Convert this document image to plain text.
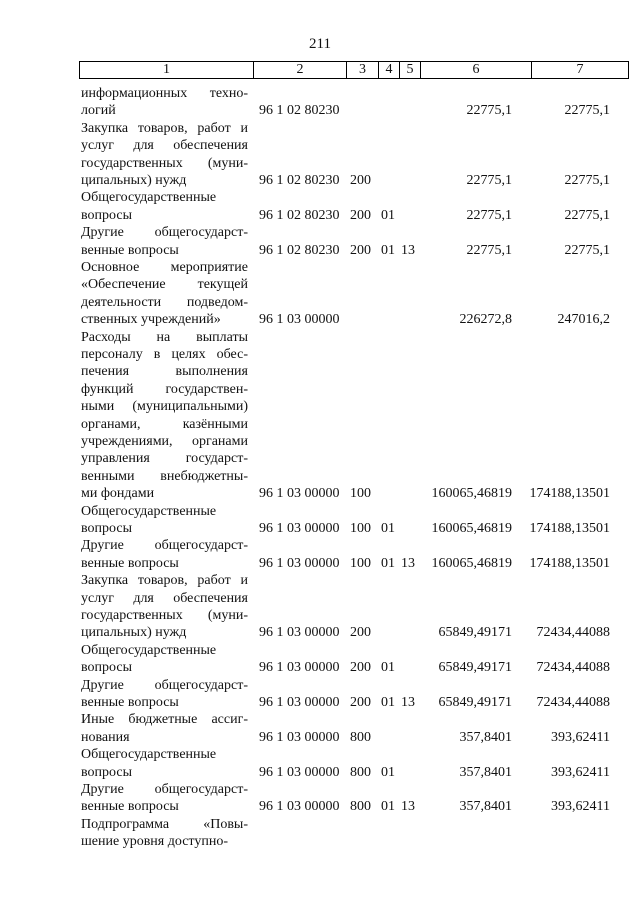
211
1	2	3	4	5	6	7
информационных техно-
логий	96 1 02 80230	22775,1	22775,1
Закупка товаров, работ и
услуг для обеспечения
государственных (муни-
ципальных) нужд	96 1 02 80230 200	22775,1	22775,1
Общегосударственные
вопросы	96 1 02 80230 200 01	22775,1	22775,1
Другие общегосударст-
венные вопросы	96 1 02 80230 200 01 13	22775,1	22775,1
Основное мероприятие
«Обеспечение текущей
деятельности подведом-
ственных учреждений»	96 1 03 00000	226272,8	247016,2
Расходы на выплаты
персоналу в целях обес-
печения выполнения
функций государствен-
ными (муниципальными)
органами, казёнными
учреждениями, органами
управления государст-
венными внебюджетны-
ми фондами	96 1 03 00000 100	160065,46819 174188,13501
Общегосударственные
вопросы	96 1 03 00000 100 01	160065,46819 174188,13501
Другие общегосударст-
венные вопросы	96 1 03 00000 100 01 13 160065,46819 174188,13501
Закупка товаров, работ и
услуг для обеспечения
государственных (муни-
ципальных) нужд	96 1 03 00000 200	65849,49171 72434,44088
Общегосударственные
вопросы	96 1 03 00000 200 01	65849,49171 72434,44088
Другие общегосударст-
венные вопросы	96 1 03 00000 200 01 13 65849,49171 72434,44088
Иные бюджетные ассиг-
нования	96 1 03 00000 800	357,8401	393,62411
Общегосударственные
вопросы	96 1 03 00000 800 01	357,8401	393,62411
Другие общегосударст-
венные вопросы	96 1 03 00000 800 01 13	357,8401	393,62411
Подпрограмма «Повы-
шение уровня доступно-
